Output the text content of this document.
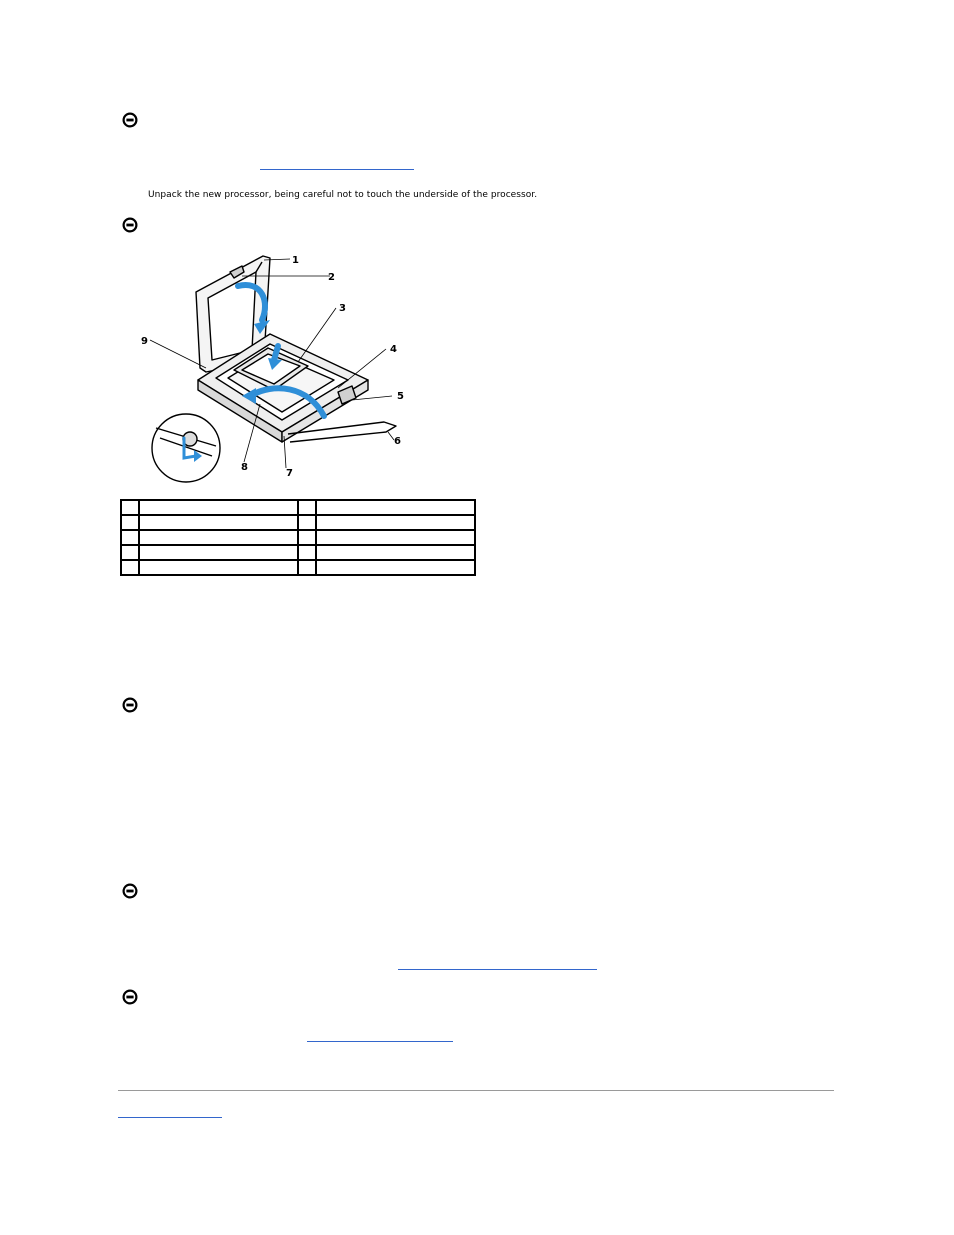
Unpack the new processor, being careful not to touch the underside of the processor.
1
2
3
4
5
6
7
8
9
